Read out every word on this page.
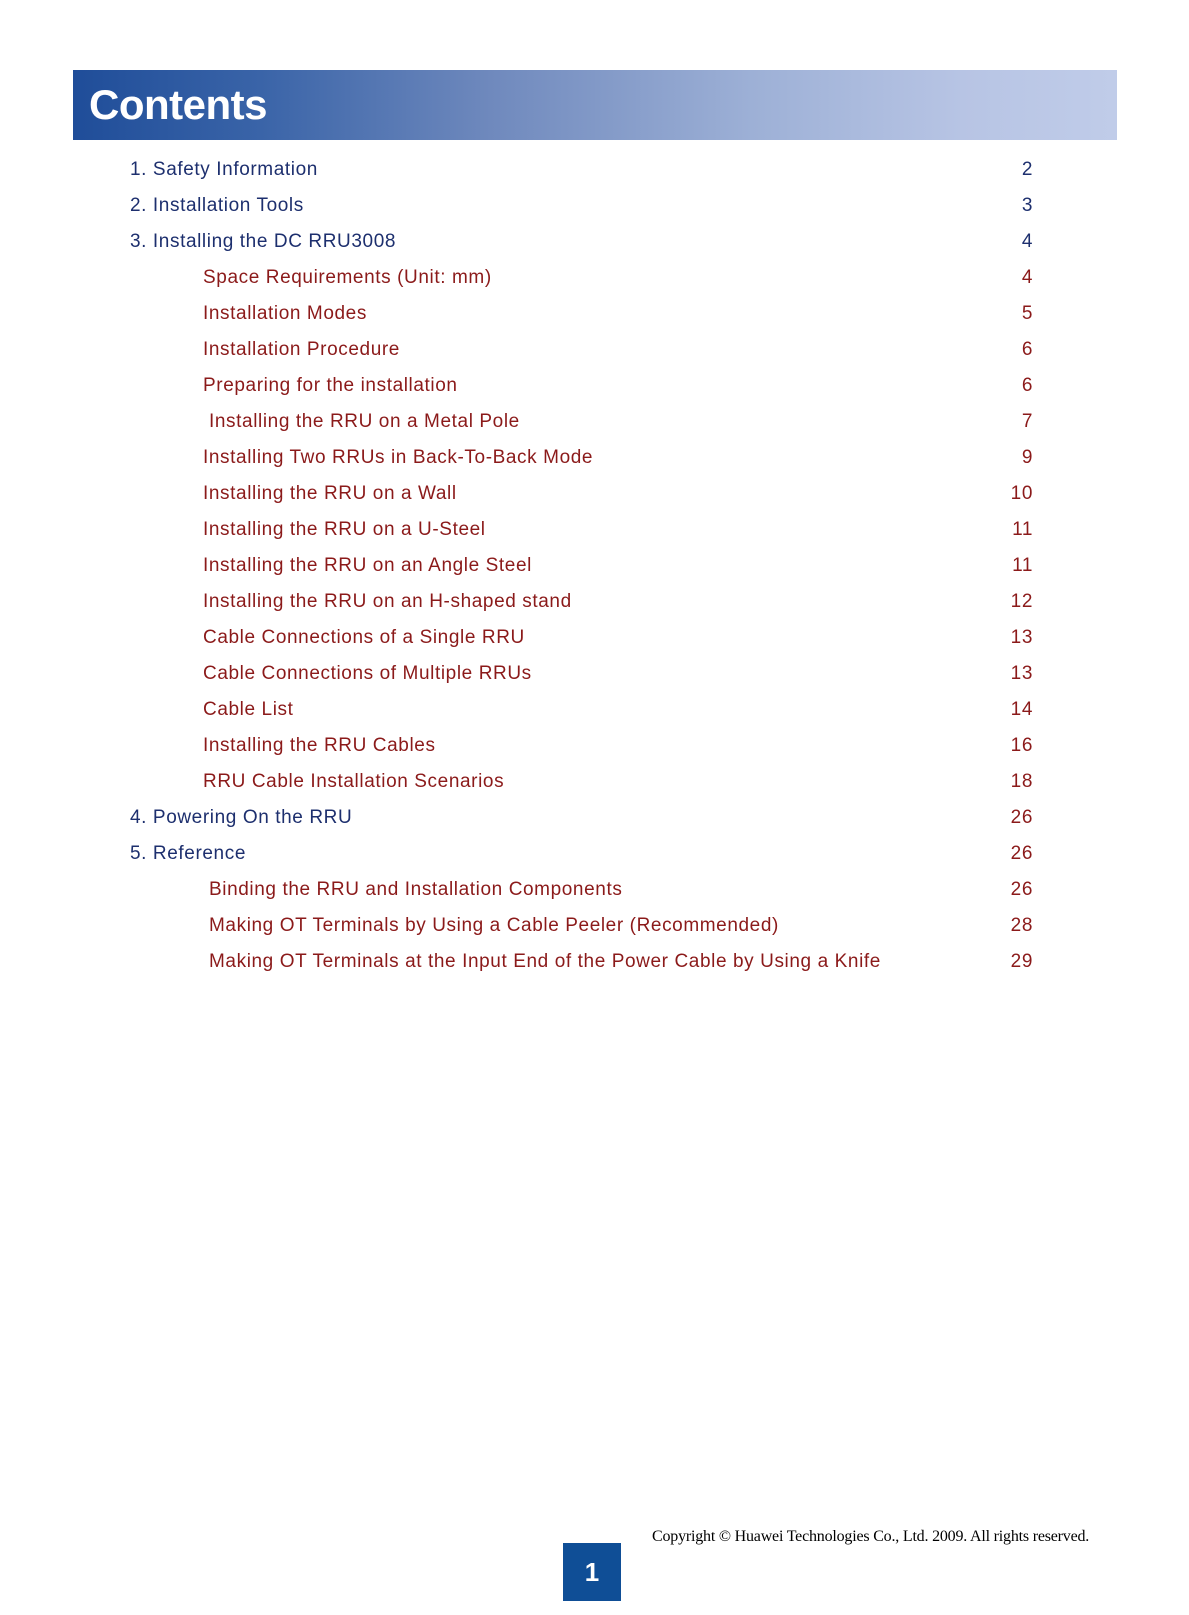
Contents
1. Safety Information	2
2. Installation Tools	3
3. Installing the DC RRU3008	4
Space Requirements (Unit: mm)	4
Installation Modes	5
Installation Procedure	6
Preparing for the installation	6
Installing the RRU on a Metal Pole	7
Installing Two RRUs in Back-To-Back Mode	9
Installing the RRU on a Wall	10
Installing the RRU on a U-Steel	11
Installing the RRU on an Angle Steel	11
Installing the RRU on an H-shaped stand	12
Cable Connections of a Single RRU	13
Cable Connections of Multiple RRUs	13
Cable List	14
Installing the RRU Cables	16
RRU Cable Installation Scenarios	18
4. Powering On the RRU	26
5. Reference	26
Binding the RRU and Installation Components	26
Making OT Terminals by Using a Cable Peeler (Recommended)	28
Making OT Terminals at the Input End of the Power Cable by Using a Knife	29
Copyright © Huawei Technologies Co., Ltd. 2009. All rights reserved.
1
